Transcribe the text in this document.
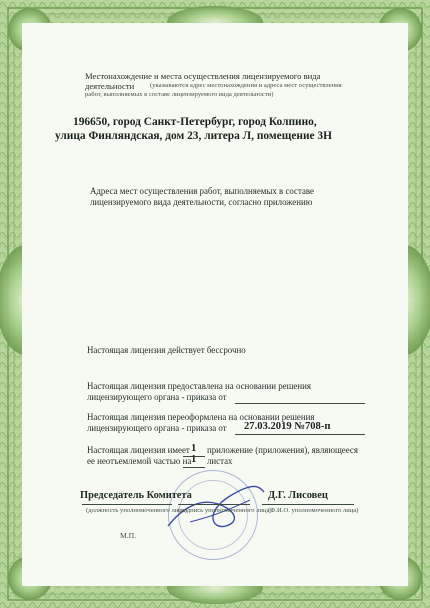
Местонахождение и места осуществления лицензируемого вида
деятельности (указываются адрес местонахождения и адреса мест осуществления
работ, выполняемых в составе лицензируемого вида деятельности)
196650, город Санкт-Петербург, город Колпино,
улица Финляндская, дом 23, литера Л, помещение 3Н
Адреса мест осуществления работ, выполняемых в составе
лицензируемого вида деятельности, согласно приложению
Настоящая лицензия действует бессрочно
Настоящая лицензия предоставлена на основании решения
лицензирующего органа - приказа от
Настоящая лицензия переоформлена на основании решения
лицензирующего органа - приказа от 27.03.2019 №708-п
Настоящая лицензия имеет 1 приложение (приложения), являющееся
ее неотъемлемой частью на 1 листах
Председатель Комитета
(должность уполномоченного лица)
(подпись уполномоченного лица)
Д.Г. Лисовец
(Ф.И.О. уполномоченного лица)
М.П.
